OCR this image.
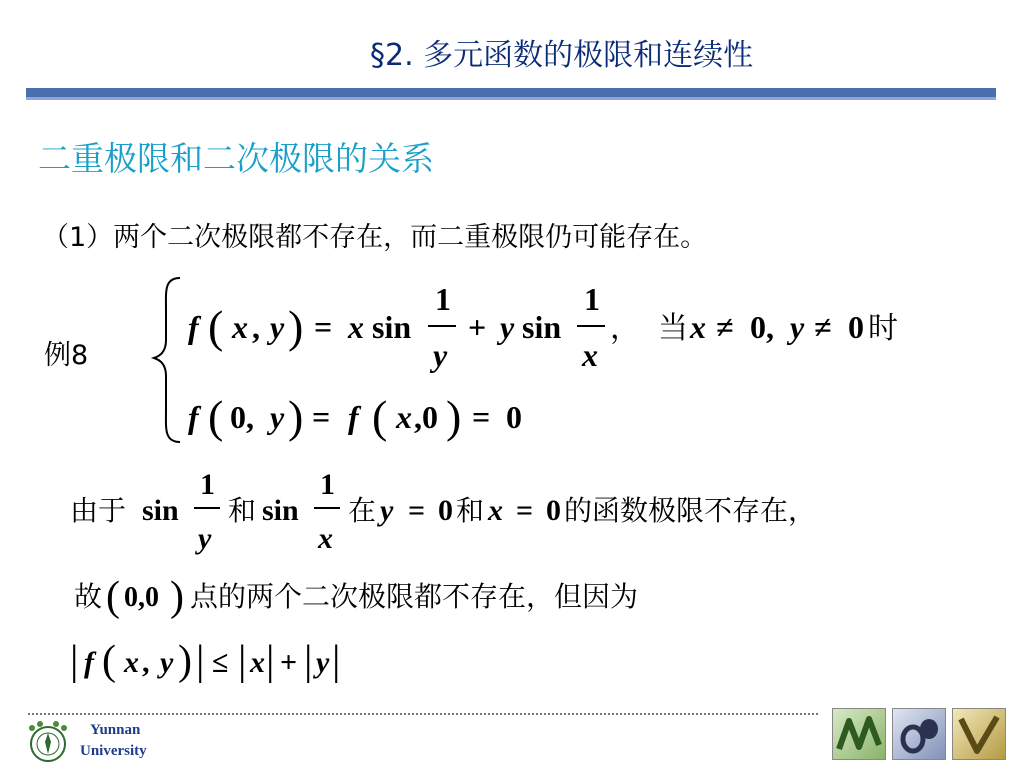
§2. 多元函数的极限和连续性
二重极限和二次极限的关系
（1）两个二次极限都不存在，而二重极限仍可能存在。
例8
f ( x , y ) = x sin
1
y
+ y sin
1
x
， 当 x ≠ 0, y ≠ 0 时
f ( 0, y ) = f ( x ,0 ) = 0
由于 sin
1
y
和 sin
1
x
在 y = 0 和 x = 0 的函数极限不存在，
故 ( 0,0 ) 点的两个二次极限都不存在，但因为
| f ( x , y ) | ≤ | x | + | y |
Yunnan
University
